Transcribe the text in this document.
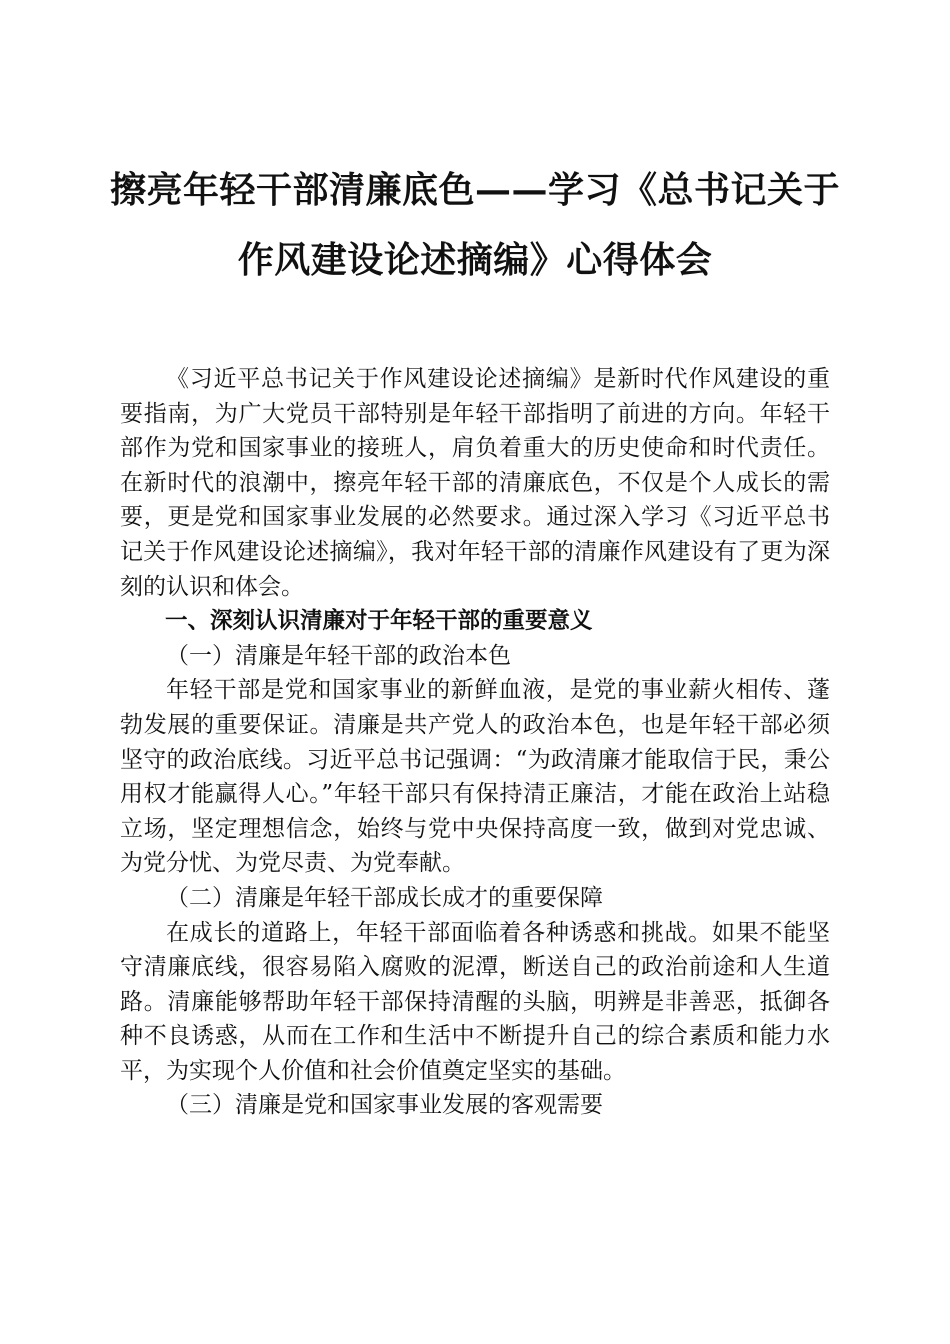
擦亮年轻干部清廉底色——学习《总书记关于
作风建设论述摘编》心得体会

《习近平总书记关于作风建设论述摘编》是新时代作风建设的重要指南，为广大党员干部特别是年轻干部指明了前进的方向。年轻干部作为党和国家事业的接班人，肩负着重大的历史使命和时代责任。在新时代的浪潮中，擦亮年轻干部的清廉底色，不仅是个人成长的需要，更是党和国家事业发展的必然要求。通过深入学习《习近平总书记关于作风建设论述摘编》，我对年轻干部的清廉作风建设有了更为深刻的认识和体会。

一、深刻认识清廉对于年轻干部的重要意义

（一）清廉是年轻干部的政治本色

年轻干部是党和国家事业的新鲜血液，是党的事业薪火相传、蓬勃发展的重要保证。清廉是共产党人的政治本色，也是年轻干部必须坚守的政治底线。习近平总书记强调：“为政清廉才能取信于民，秉公用权才能赢得人心。”年轻干部只有保持清正廉洁，才能在政治上站稳立场，坚定理想信念，始终与党中央保持高度一致，做到对党忠诚、为党分忧、为党尽责、为党奉献。

（二）清廉是年轻干部成长成才的重要保障

在成长的道路上，年轻干部面临着各种诱惑和挑战。如果不能坚守清廉底线，很容易陷入腐败的泥潭，断送自己的政治前途和人生道路。清廉能够帮助年轻干部保持清醒的头脑，明辨是非善恶，抵御各种不良诱惑，从而在工作和生活中不断提升自己的综合素质和能力水平，为实现个人价值和社会价值奠定坚实的基础。

（三）清廉是党和国家事业发展的客观需要
